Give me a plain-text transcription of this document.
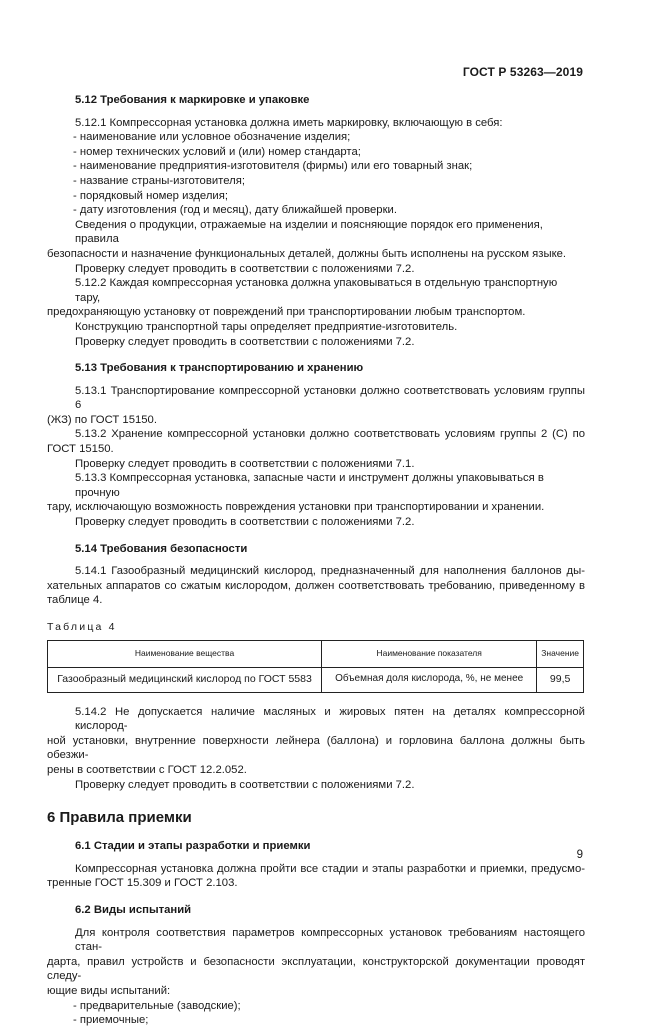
ГОСТ Р 53263—2019

5.12 Требования к маркировке и упаковке

5.12.1 Компрессорная установка должна иметь маркировку, включающую в себя:

- наименование или условное обозначение изделия;

- номер технических условий и (или) номер стандарта;

- наименование предприятия-изготовителя (фирмы) или его товарный знак;

- название страны-изготовителя;

- порядковый номер изделия;

- дату изготовления (год и месяц), дату ближайшей проверки.

Сведения о продукции, отражаемые на изделии и поясняющие порядок его применения, правила

безопасности и назначение функциональных деталей, должны быть исполнены на русском языке.

Проверку следует проводить в соответствии с положениями 7.2.

5.12.2 Каждая компрессорная установка должна упаковываться в отдельную транспортную тару,

предохраняющую установку от повреждений при транспортировании любым транспортом.

Конструкцию транспортной тары определяет предприятие-изготовитель.

Проверку следует проводить в соответствии с положениями 7.2.

5.13 Требования к транспортированию и хранению

5.13.1 Транспортирование компрессорной установки должно соответствовать условиям группы 6

(ЖЗ) по ГОСТ 15150.

5.13.2 Хранение компрессорной установки должно соответствовать условиям группы 2 (С) по

ГОСТ 15150.

Проверку следует проводить в соответствии с положениями 7.1.

5.13.3 Компрессорная установка, запасные части и инструмент должны упаковываться в прочную

тару, исключающую возможность повреждения установки при транспортировании и хранении.

Проверку следует проводить в соответствии с положениями 7.2.

5.14 Требования безопасности

5.14.1 Газообразный медицинский кислород, предназначенный для наполнения баллонов ды-

хательных аппаратов со сжатым кислородом, должен соответствовать требованию, приведенному в

таблице 4.

Таблица 4

Наименование вещества	Наименование показателя	Значение
Газообразный медицинский кислород по ГОСТ 5583	Объемная доля кислорода, %, не менее	99,5

5.14.2 Не допускается наличие масляных и жировых пятен на деталях компрессорной кислород-

ной установки, внутренние поверхности лейнера (баллона) и горловина баллона должны быть обезжи-

рены в соответствии с ГОСТ 12.2.052.

Проверку следует проводить в соответствии с положениями 7.2.

6 Правила приемки

6.1 Стадии и этапы разработки и приемки

Компрессорная установка должна пройти все стадии и этапы разработки и приемки, предусмо-

тренные ГОСТ 15.309 и ГОСТ 2.103.

6.2 Виды испытаний

Для контроля соответствия параметров компрессорных установок требованиям настоящего стан-

дарта, правил устройств и безопасности эксплуатации, конструкторской документации проводят следу-

ющие виды испытаний:

- предварительные (заводские);

- приемочные;

9
